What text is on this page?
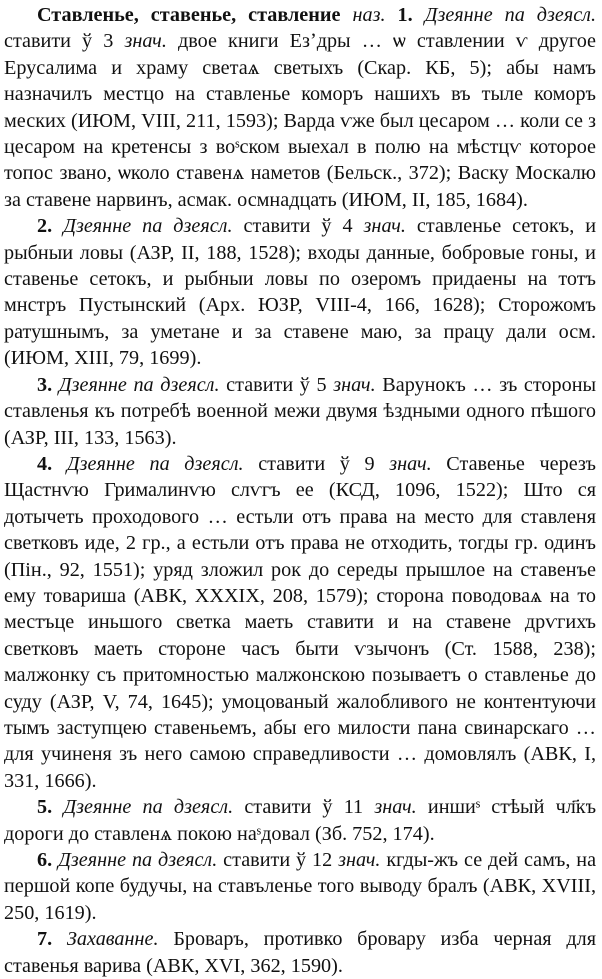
Ставленье, ставенье, ставление наз. 1. Дзеянне па дзеясл. ставити ў 3 знач. двое книги Езʼдры … ѡ ставлении ѵ другое Ерусалима и храму светаѧ светыхъ (Скар. КБ, 5); абы намъ назначилъ местцо на ставленье коморъ нашихъ въ тыле коморъ меских (ИЮМ, VIII, 211, 1593); Варда ѵже был цесаром … коли се з цесаром на кретенсы з воˢском выехал в полю на мѣстцѵ которое топос звано, ѡколо ставенѧ наметов (Бельск., 372); Васку Москалю за ставене нарвинъ, асмак. осмнадцать (ИЮМ, II, 185, 1684).

2. Дзеянне па дзеясл. ставити ў 4 знач. ставленье сетокъ, и рыбныи ловы (АЗР, II, 188, 1528); входы данные, бобровые гоны, и ставенье сетокъ, и рыбныи ловы по озеромъ придаены на тотъ мнстръ Пустынский (Арх. ЮЗР, VIII-4, 166, 1628); Сторожомъ ратушнымъ, за уметане и за ставене маю, за працу дали осм. (ИЮМ, XIII, 79, 1699).

3. Дзеянне па дзеясл. ставити ў 5 знач. Варунокъ … зъ стороны ставленья къ потребѣ военной межи двумя ѣздными одного пѣшого (АЗР, III, 133, 1563).

4. Дзеянне па дзеясл. ставити ў 9 знач. Ставенье черезъ Щастнѵю Грималинѵю слѵгъ ее (КСД, 1096, 1522); Што ся дотычеть проходового … естьли отъ права на место для ставленя светковъ иде, 2 гр., а естьли отъ права не отходить, тогды гр. одинъ (Пін., 92, 1551); уряд зложил рок до середы прышлое на ставенъе ему товариша (АВК, XXXIX, 208, 1579); сторона поводоваѧ на то местъце иньшого светка маеть ставити и на ставене дрѵгихъ светковъ маеть стороне часъ быти ѵзычонъ (Ст. 1588, 238); малжонку съ притомностью малжонскою позываетъ о ставленье до суду (АЗР, V, 74, 1645); умоцованый жалобливого не контентуючи тымъ заступцею ставеньемъ, абы его милости пана свинарскаго … для учиненя зъ него самою справедливости … домовлялъ (АВК, I, 331, 1666).

5. Дзеянне па дзеясл. ставити ў 11 знач. иншиˢ стѣый чл҃къ дороги до ставленѧ покою наˢдовал (Зб. 752, 174).

6. Дзеянне па дзеясл. ставити ў 12 знач. кгды-жъ се дей самъ, на першой копе будучы, на ставъленье того выводу бралъ (АВК, XVIII, 250, 1619).

7. Захаванне. Броваръ, противко бровару изба черная для ставенья варива (АВК, XVI, 362, 1590).
